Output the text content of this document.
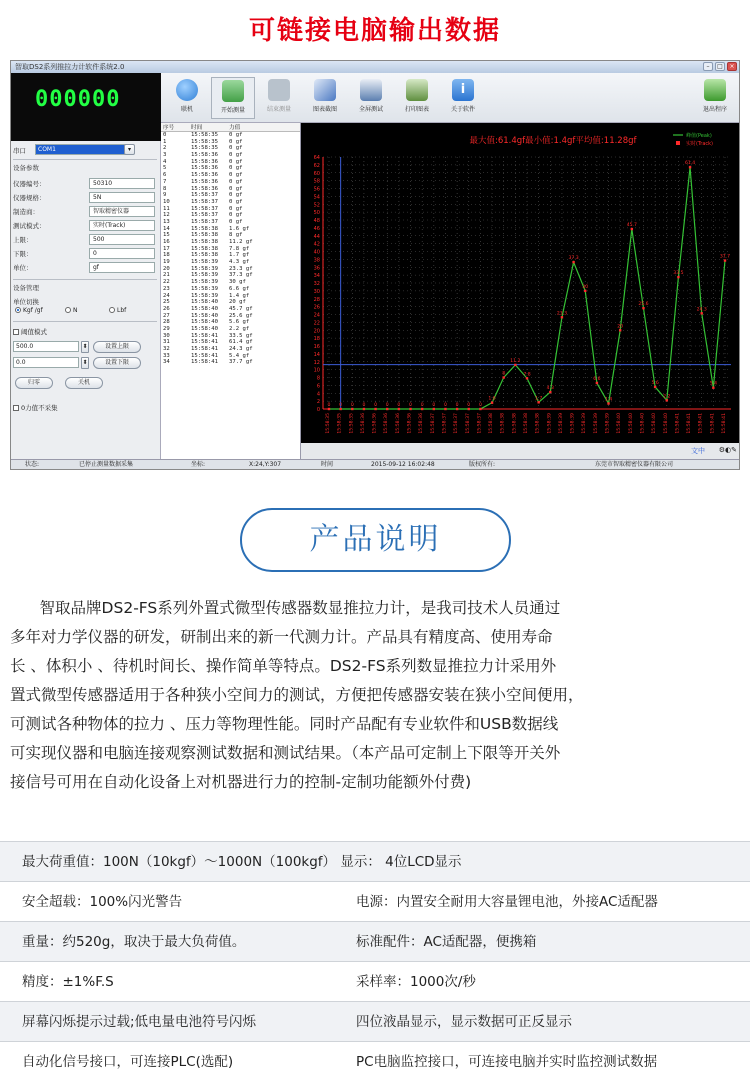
可链接电脑输出数据
智取DS2系列推拉力计软件系统2.0	–	□	×
000000	联机	开始测量	结束测量	图表截图	全屏测试	打印图表
i
关于软件	退出程序
串口	COM1	▾
设备参数
仪器编号：	50310
仪器规格：	5N
制造商：	智取精密仪器
测试模式：	实时(Track)
上限：	500
下限：	0
单位：	gf
设备管理
单位切换
Kgf /gf	N	Lbf
阈值模式
500.0	⬍	设置上限
0.0	⬍	设置下限
归零	关机
0力值不采集
序号	时间	力值
0	15:58:35	0 gf
1	15:58:35	0 gf
2	15:58:35	0 gf
3	15:58:36	0 gf
4	15:58:36	0 gf
5	15:58:36	0 gf
6	15:58:36	0 gf
7	15:58:36	0 gf
8	15:58:36	0 gf
9	15:58:37	0 gf
10	15:58:37	0 gf
11	15:58:37	0 gf
12	15:58:37	0 gf
13	15:58:37	0 gf
14	15:58:38	1.6 gf
15	15:58:38	8 gf
16	15:58:38	11.2 gf
17	15:58:38	7.8 gf
18	15:58:38	1.7 gf
19	15:58:39	4.3 gf
20	15:58:39	23.3 gf
21	15:58:39	37.3 gf
22	15:58:39	30 gf
23	15:58:39	6.6 gf
24	15:58:39	1.4 gf
25	15:58:40	20 gf
26	15:58:40	45.7 gf
27	15:58:40	25.6 gf
28	15:58:40	5.6 gf
29	15:58:40	2.2 gf
30	15:58:41	33.5 gf
31	15:58:41	61.4 gf
32	15:58:41	24.3 gf
33	15:58:41	5.4 gf
34	15:58:41	37.7 gf
0
2
4
6
8
10
12
14
16
18
20
22
24
26
28
30
32
34
36
38
40
42
44
46
48
50
52
54
56
58
60
62
64
15:58:35 15:58:35 15:58:35 15:58:36 15:58:36 15:58:36 15:58:36 15:58:36 15:58:36 15:58:37 15:58:37 15:58:37 15:58:37 15:58:37 15:58:38 15:58:38 15:58:38 15:58:38 15:58:38 15:58:39 15:58:39 15:58:39 15:58:39 15:58:39 15:58:39 15:58:40 15:58:40 15:58:40 15:58:40 15:58:40 15:58:41 15:58:41 15:58:41 15:58:41 15:58:41
0 0 0 0 0 0 0 0 0 0 0 0 0 0
1.6
8
11.2
7.8
1.7
4.3
23.3
37.3
30
6.6
1.4
20
45.7
25.6
5.6
2.2
33.5
61.4
24.3
5.4
37.7
最大值:61.4gf最小值:1.4gf平均值:11.28gf	峰值(Peak)
实时(Track)
文中 ⚙◐✎
状态:	已停止测量数据采集	坐标:	X:24,Y:307	时间	2015-09-12 16:02:48	版权所有:	东莞市智取精密仪器有限公司
产品说明

智取品牌DS2-FS系列外置式微型传感器数显推拉力计，是我司技术人员通过

多年对力学仪器的研发，研制出来的新一代测力计。产品具有精度高、使用寿命

长 、体积小 、待机时间长、操作简单等特点。DS2-FS系列数显推拉力计采用外

置式微型传感器适用于各种狭小空间力的测试，方便把传感器安装在狭小空间便用，

可测试各种物体的拉力 、压力等物理性能。同时产品配有专业软件和USB数据线

可实现仪器和电脑连接观察测试数据和测试结果。（本产品可定制上下限等开关外

接信号可用在自动化设备上对机器进行力的控制-定制功能额外付费)

最大荷重值：100N（10kgf）～1000N（100kgf） 显示： 4位LCD显示
安全超载：100%闪光警告	电源：内置安全耐用大容量锂电池，外接AC适配器
重量：约520g，取决于最大负荷值。	标准配件：AC适配器，便携箱
精度：±1%F.S	采样率：1000次/秒
屏幕闪烁提示过载;低电量电池符号闪烁	四位液晶显示，显示数据可正反显示
自动化信号接口，可连接PLC(选配)	PC电脑监控接口，可连接电脑并实时监控测试数据
